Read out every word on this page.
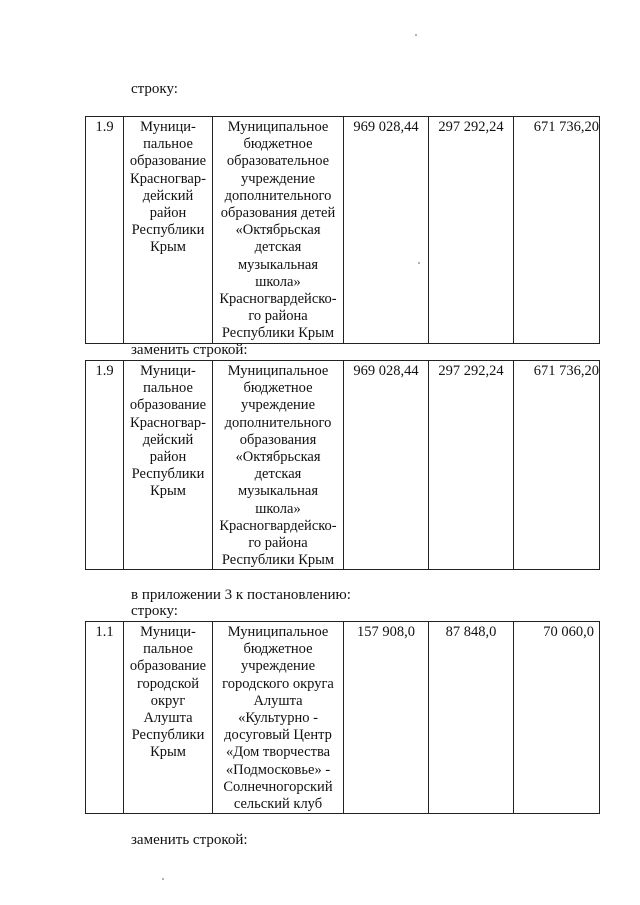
строку:
1.9	Муници-
пальное
образование
Красногвар-
дейский
район
Республики
Крым

Муниципальное
бюджетное
образовательное
учреждение
дополнительного
образования детей
«Октябрьская
детская
музыкальная
школа»
Красногвардейско-
го района
Республики Крым
	969 028,44	297 292,24	671 736,20
заменить строкой:
1.9	Муници-
пальное
образование
Красногвар-
дейский
район
Республики
Крым

Муниципальное
бюджетное
учреждение
дополнительного
образования
«Октябрьская
детская
музыкальная
школа»
Красногвардейско-
го района
Республики Крым
	969 028,44	297 292,24	671 736,20
в приложении 3 к постановлению:
строку:
1.1	Муници-
пальное
образование
городской
округ
Алушта
Республики
Крым

Муниципальное
бюджетное
учреждение
городского округа
Алушта
«Культурно -
досуговый Центр
«Дом творчества
«Подмосковье» -
Солнечногорский
сельский клуб
	157 908,0	87 848,0	70 060,0
заменить строкой:
